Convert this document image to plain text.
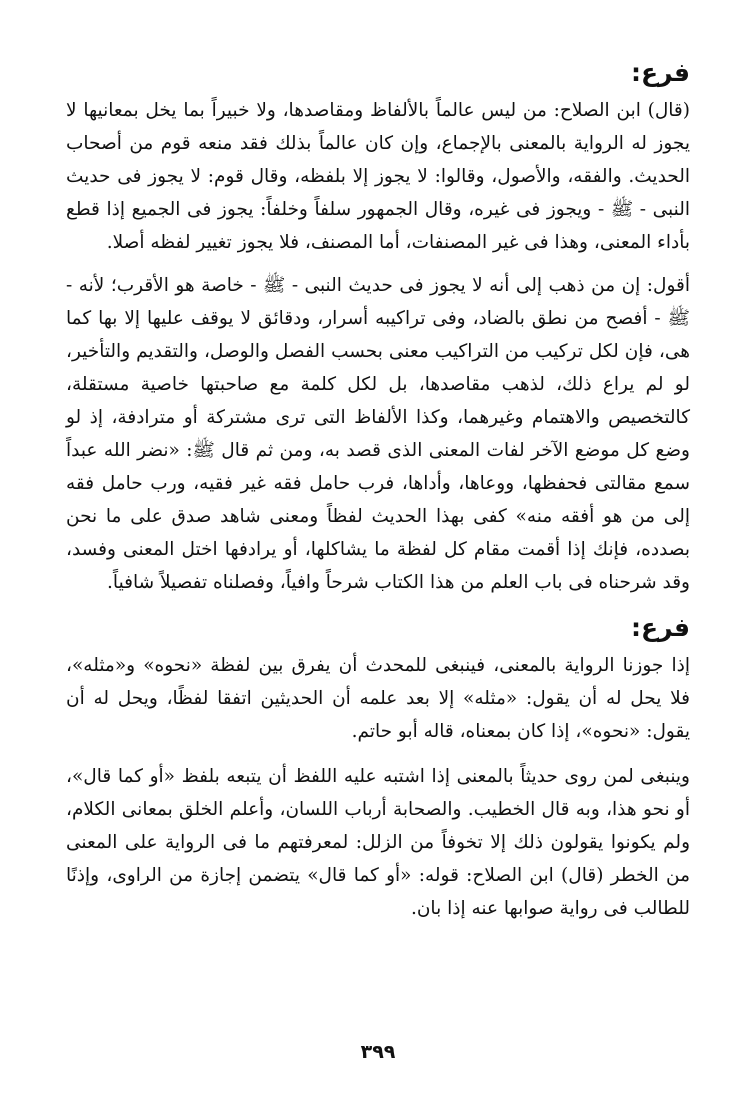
فرع:

(قال) ابن الصلاح: من ليس عالماً بالألفاظ ومقاصدها، ولا خبيراً بما يخل بمعانيها لا يجوز له الرواية بالمعنى بالإجماع، وإن كان عالماً بذلك فقد منعه قوم من أصحاب الحديث. والفقه، والأصول، وقالوا: لا يجوز إلا بلفظه، وقال قوم: لا يجوز فى حديث النبى - ﷺ - ويجوز فى غيره، وقال الجمهور سلفاً وخلفاً: يجوز فى الجميع إذا قطع بأداء المعنى، وهذا فى غير المصنفات، أما المصنف، فلا يجوز تغيير لفظه أصلا.

أقول: إن من ذهب إلى أنه لا يجوز فى حديث النبى - ﷺ - خاصة هو الأقرب؛ لأنه - ﷺ - أفصح من نطق بالضاد، وفى تراكيبه أسرار، ودقائق لا يوقف عليها إلا بها كما هى، فإن لكل تركيب من التراكيب معنى بحسب الفصل والوصل، والتقديم والتأخير، لو لم يراع ذلك، لذهب مقاصدها، بل لكل كلمة مع صاحبتها خاصية مستقلة، كالتخصيص والاهتمام وغيرهما، وكذا الألفاظ التى ترى مشتركة أو مترادفة، إذ لو وضع كل موضع الآخر لفات المعنى الذى قصد به، ومن ثم قال ﷺ: «نضر الله عبداً سمع مقالتى فحفظها، ووعاها، وأداها، فرب حامل فقه غير فقيه، ورب حامل فقه إلى من هو أفقه منه» كفى بهذا الحديث لفظاً ومعنى شاهد صدق على ما نحن بصدده، فإنك إذا أقمت مقام كل لفظة ما يشاكلها، أو يرادفها اختل المعنى وفسد، وقد شرحناه فى باب العلم من هذا الكتاب شرحاً وافياً، وفصلناه تفصيلاً شافياً.

فرع:

إذا جوزنا الرواية بالمعنى، فينبغى للمحدث أن يفرق بين لفظة «نحوه» و«مثله»، فلا يحل له أن يقول: «مثله» إلا بعد علمه أن الحديثين اتفقا لفظًا، ويحل له أن يقول: «نحوه»، إذا كان بمعناه، قاله أبو حاتم.

وينبغى لمن روى حديثاً بالمعنى إذا اشتبه عليه اللفظ أن يتبعه بلفظ «أو كما قال»، أو نحو هذا، وبه قال الخطيب. والصحابة أرباب اللسان، وأعلم الخلق بمعانى الكلام، ولم يكونوا يقولون ذلك إلا تخوفاً من الزلل: لمعرفتهم ما فى الرواية على المعنى من الخطر (قال) ابن الصلاح: قوله: «أو كما قال» يتضمن إجازة من الراوى، وإذنًا للطالب فى رواية صوابها عنه إذا بان.

٣٩٩
